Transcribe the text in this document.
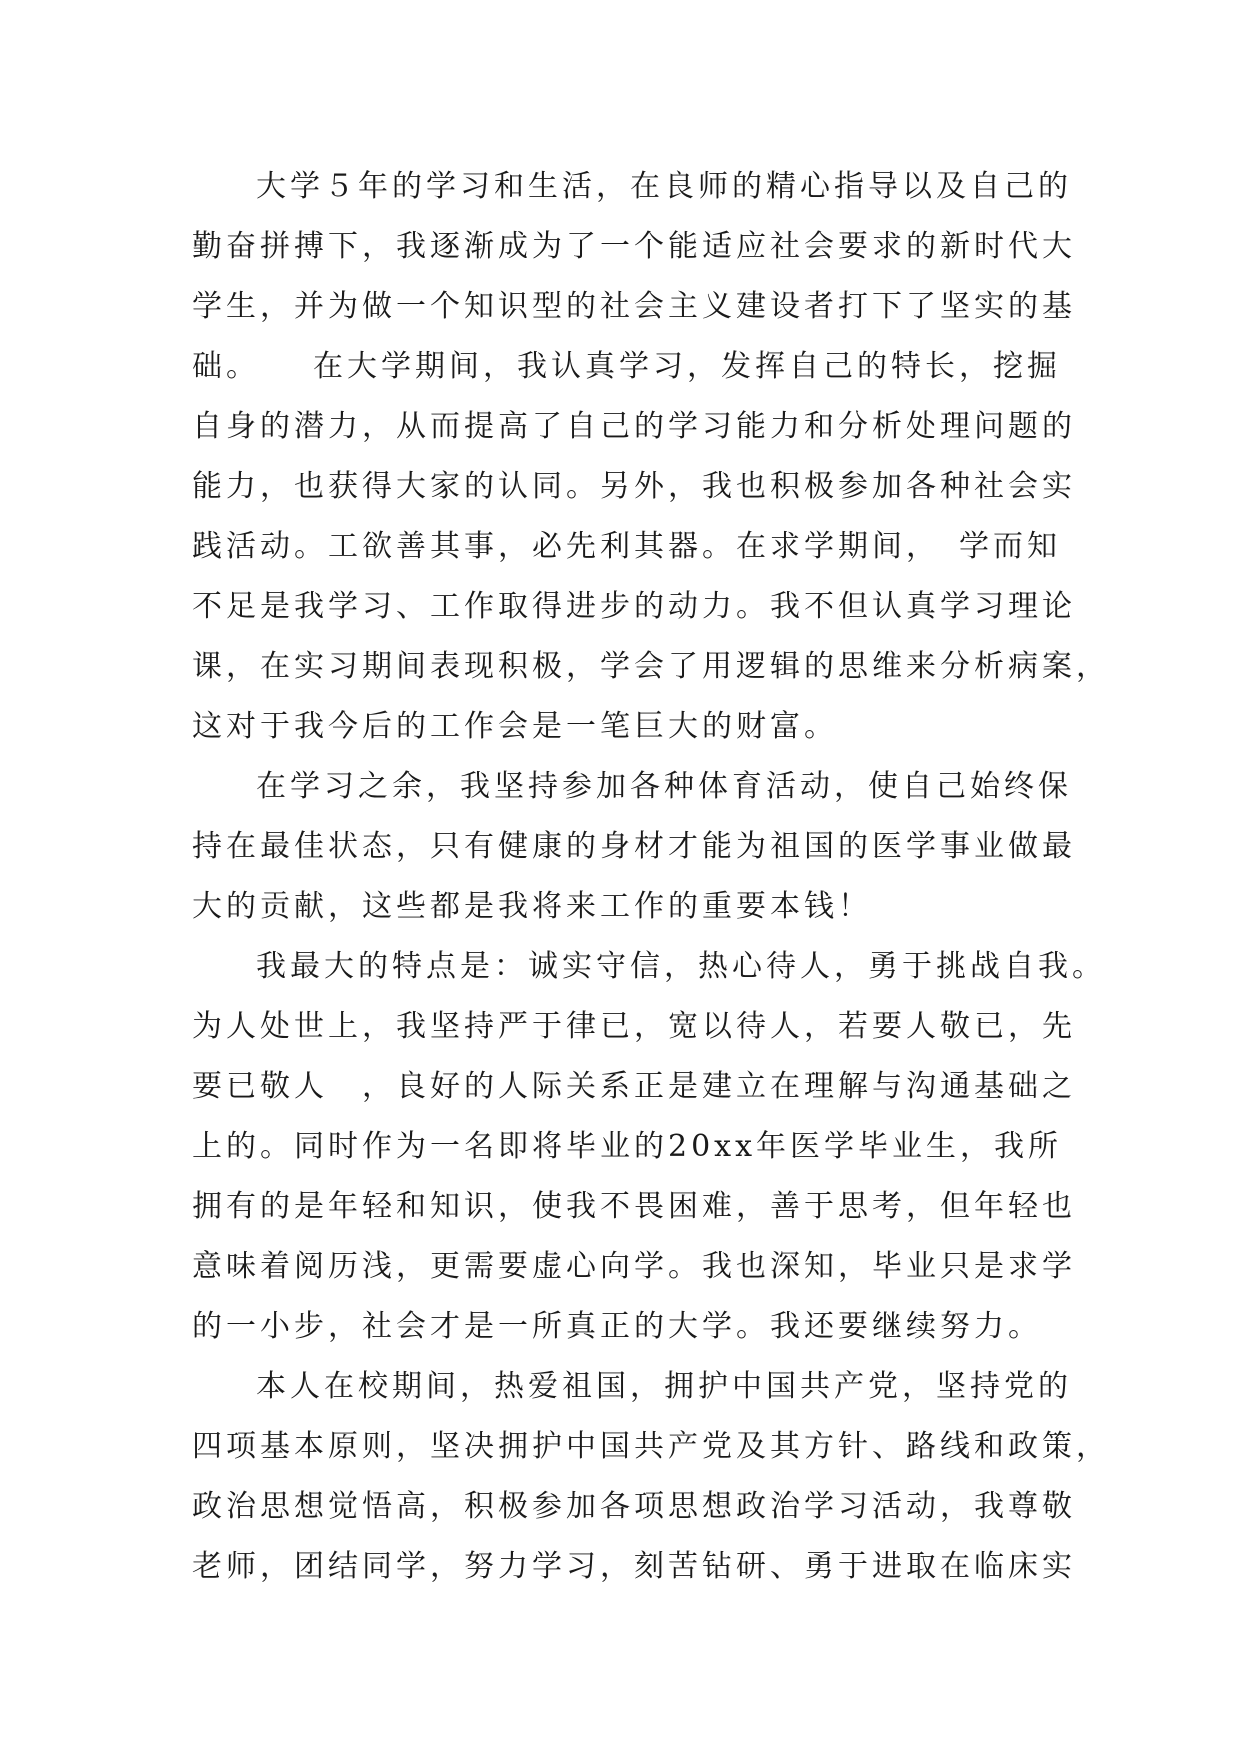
大学５年的学习和生活，在良师的精心指导以及自己的
勤奋拼搏下，我逐渐成为了一个能适应社会要求的新时代大
学生，并为做一个知识型的社会主义建设者打下了坚实的基
础。　　在大学期间，我认真学习，发挥自己的特长，挖掘
自身的潜力，从而提高了自己的学习能力和分析处理问题的
能力，也获得大家的认同。另外，我也积极参加各种社会实
践活动。工欲善其事，必先利其器。在求学期间，　学而知
不足是我学习、工作取得进步的动力。我不但认真学习理论
课，在实习期间表现积极，学会了用逻辑的思维来分析病案，
这对于我今后的工作会是一笔巨大的财富。
在学习之余，我坚持参加各种体育活动，使自己始终保
持在最佳状态，只有健康的身材才能为祖国的医学事业做最
大的贡献，这些都是我将来工作的重要本钱！
我最大的特点是：诚实守信，热心待人，勇于挑战自我。
为人处世上，我坚持严于律已，宽以待人，若要人敬已，先
要已敬人　，良好的人际关系正是建立在理解与沟通基础之
上的。同时作为一名即将毕业的20xx年医学毕业生，我所
拥有的是年轻和知识，使我不畏困难，善于思考，但年轻也
意味着阅历浅，更需要虚心向学。我也深知，毕业只是求学
的一小步，社会才是一所真正的大学。我还要继续努力。
本人在校期间，热爱祖国，拥护中国共产党，坚持党的
四项基本原则，坚决拥护中国共产党及其方针、路线和政策，
政治思想觉悟高，积极参加各项思想政治学习活动，我尊敬
老师，团结同学，努力学习，刻苦钻研、勇于进取在临床实
